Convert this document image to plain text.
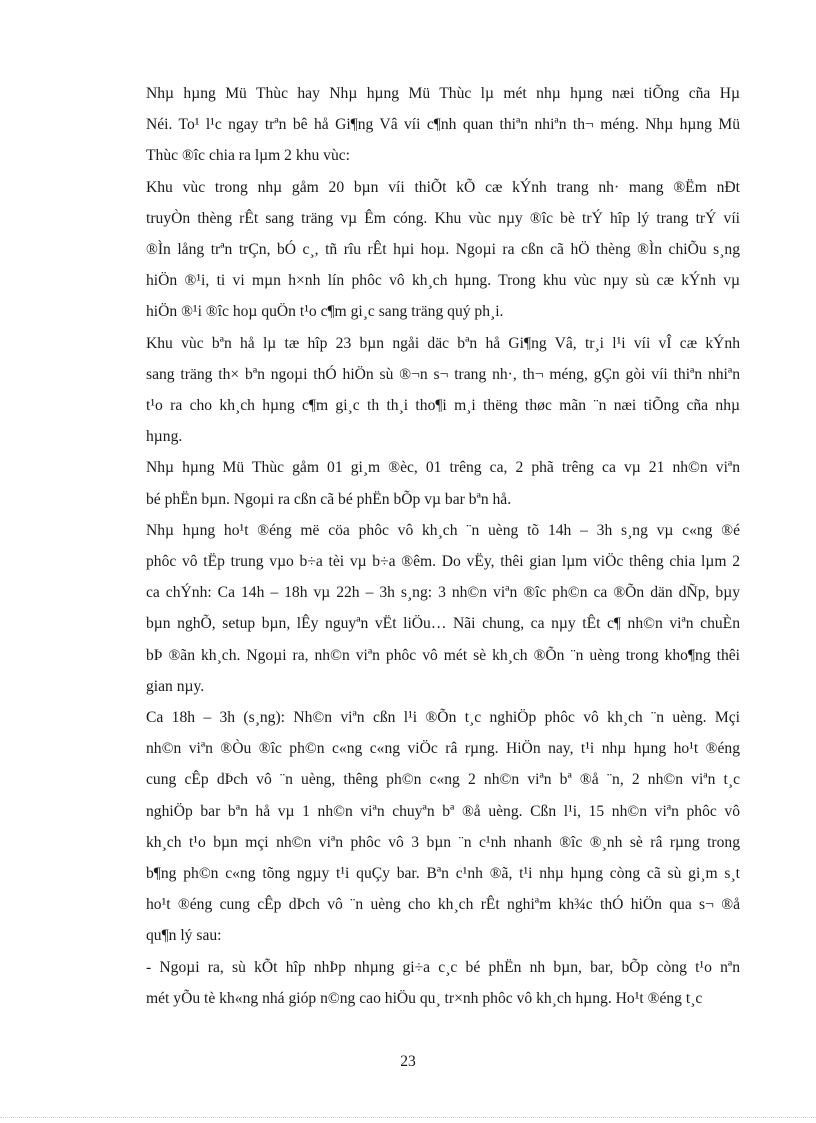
Nhµ hµng Mü Thùc hay Nhµ hµng Mü Thùc lµ mét nhµ hµng næi tiÕng cña Hµ
Néi. To¹ l¹c ngay trªn bê hå Gi¶ng Vâ víi c¶nh quan thiªn nhiªn th¬ méng. Nhµ hµng Mü
Thùc ®îc chia ra lµm 2 khu vùc:
Khu vùc trong nhµ gåm 20 bµn víi thiÕt kÕ cæ kÝnh trang nh· mang ®Ëm nÐt
truyÒn thèng rÊt sang träng vµ Êm cóng. Khu vùc nµy ®îc bè trÝ hîp lý trang trÝ víi
®Ìn lång trªn trÇn, bÓ c¸, tñ rîu rÊt hµi hoµ. Ngoµi ra cßn cã hÖ thèng ®Ìn chiÕu s¸ng
hiÖn ®¹i, ti vi mµn h×nh lín phôc vô kh¸ch hµng. Trong khu vùc nµy sù cæ kÝnh vµ
hiÖn ®¹i ®îc hoµ quÖn t¹o c¶m gi¸c sang träng quý ph¸i.
Khu vùc bªn hå lµ tæ hîp 23 bµn ngåi däc bªn hå Gi¶ng Vâ, tr¸i l¹i víi vÎ cæ kÝnh
sang träng th× bªn ngoµi thÓ hiÖn sù ®¬n s¬ trang nh·, th¬ méng, gÇn gòi víi thiªn nhiªn
t¹o ra cho kh¸ch hµng c¶m gi¸c th th¸i tho¶i m¸i thëng thøc mãn ¨n næi tiÕng cña nhµ
hµng.
Nhµ hµng Mü Thùc gåm 01 gi¸m ®èc, 01 trêng ca, 2 phã trêng ca vµ 21 nh©n viªn
bé phËn bµn. Ngoµi ra cßn cã bé phËn bÕp vµ bar bªn hå.
Nhµ hµng ho¹t ®éng më cöa phôc vô kh¸ch ¨n uèng tõ 14h – 3h s¸ng vµ c«ng ®é
phôc vô tËp trung vµo b÷a tèi vµ b÷a ®êm. Do vËy, thêi gian lµm viÖc thêng chia lµm 2
ca chÝnh: Ca 14h – 18h vµ 22h – 3h s¸ng: 3 nh©n viªn ®îc ph©n ca ®Õn dän dÑp, bµy
bµn nghÕ, setup bµn, lÊy nguyªn vËt liÖu… Nãi chung, ca nµy tÊt c¶ nh©n viªn chuÈn
bÞ ®ãn kh¸ch. Ngoµi ra, nh©n viªn phôc vô mét sè kh¸ch ®Õn ¨n uèng trong kho¶ng thêi
gian nµy.
Ca 18h – 3h (s¸ng): Nh©n viªn cßn l¹i ®Õn t¸c nghiÖp phôc vô kh¸ch ¨n uèng. Mçi
nh©n viªn ®Òu ®îc ph©n c«ng c«ng viÖc râ rµng. HiÖn nay, t¹i nhµ hµng ho¹t ®éng
cung cÊp dÞch vô ¨n uèng, thêng ph©n c«ng 2 nh©n viªn bª ®å ¨n, 2 nh©n viªn t¸c
nghiÖp bar bªn hå vµ 1 nh©n viªn chuyªn bª ®å uèng. Cßn l¹i, 15 nh©n viªn phôc vô
kh¸ch t¹o bµn mçi nh©n viªn phôc vô 3 bµn ¨n c¹nh nhanh ®îc ®¸nh sè râ rµng trong
b¶ng ph©n c«ng tõng ngµy t¹i quÇy bar. Bªn c¹nh ®ã, t¹i nhµ hµng còng cã sù gi¸m s¸t
ho¹t ®éng cung cÊp dÞch vô ¨n uèng cho kh¸ch rÊt nghiªm kh¾c thÓ hiÖn qua s¬ ®å
qu¶n lý sau:
- Ngoµi ra, sù kÕt hîp nhÞp nhµng gi÷a c¸c bé phËn nh bµn, bar, bÕp còng t¹o nªn
mét yÕu tè kh«ng nhá gióp n©ng cao hiÖu qu¸ tr×nh phôc vô kh¸ch hµng. Ho¹t ®éng t¸c
23
